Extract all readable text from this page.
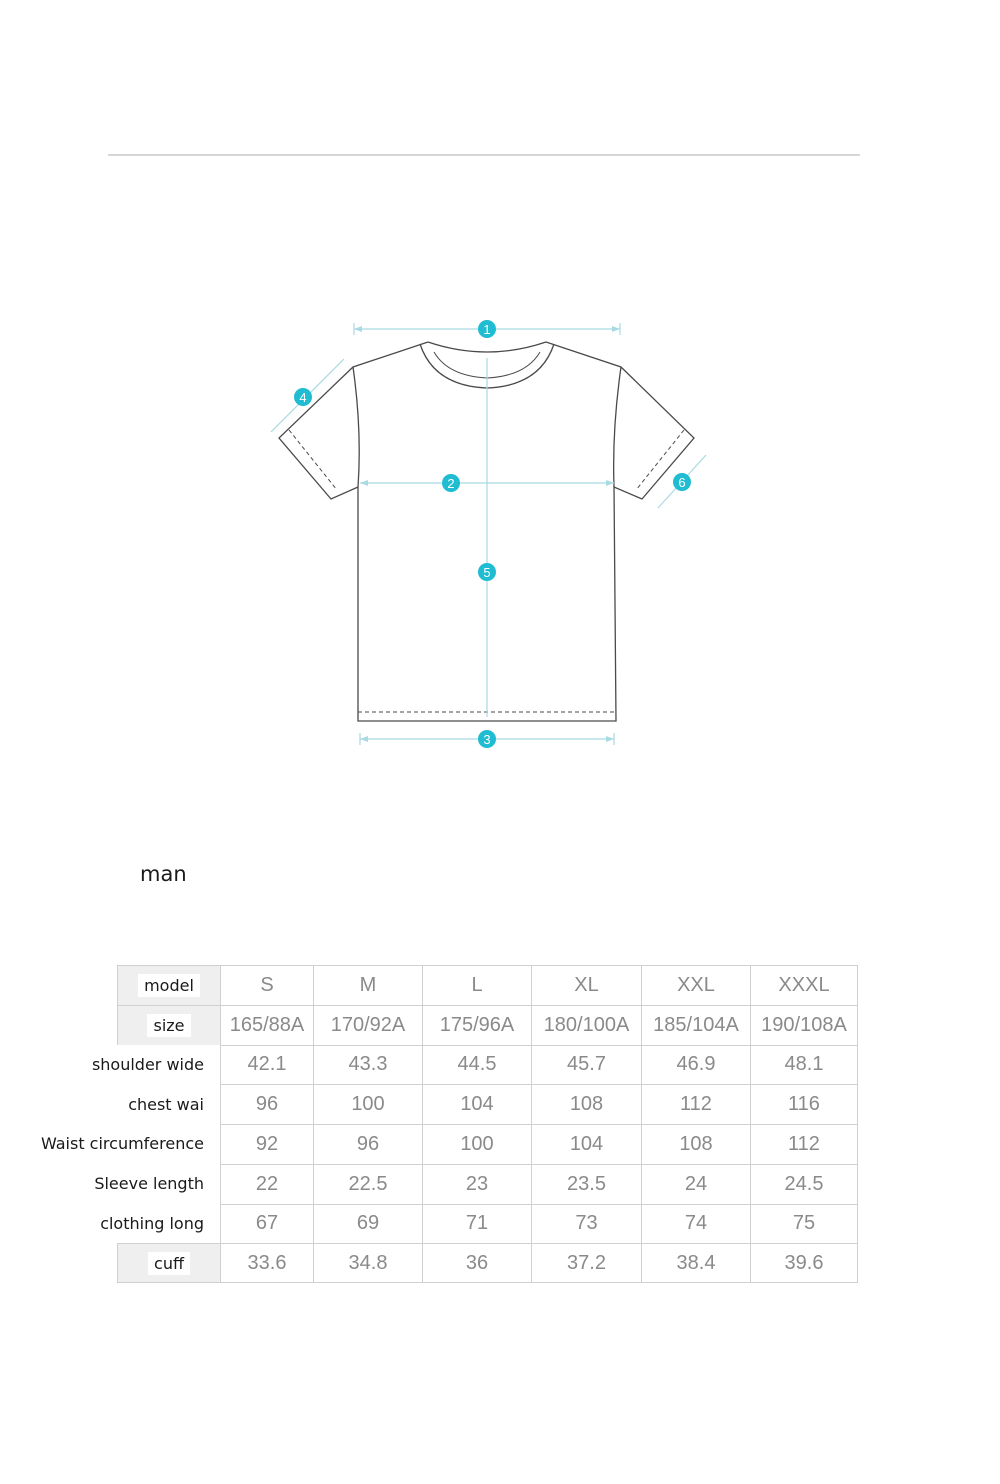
1
2
3
4
5
6
man
model	S	M	L	XL	XXL	XXXL
size	165/88A	170/92A	175/96A	180/100A	185/104A	190/108A
shoulder wide	42.1	43.3	44.5	45.7	46.9	48.1
chest wai	96	100	104	108	112	116
Waist circumference	92	96	100	104	108	112
Sleeve length	22	22.5	23	23.5	24	24.5
clothing long	67	69	71	73	74	75
cuff	33.6	34.8	36	37.2	38.4	39.6
